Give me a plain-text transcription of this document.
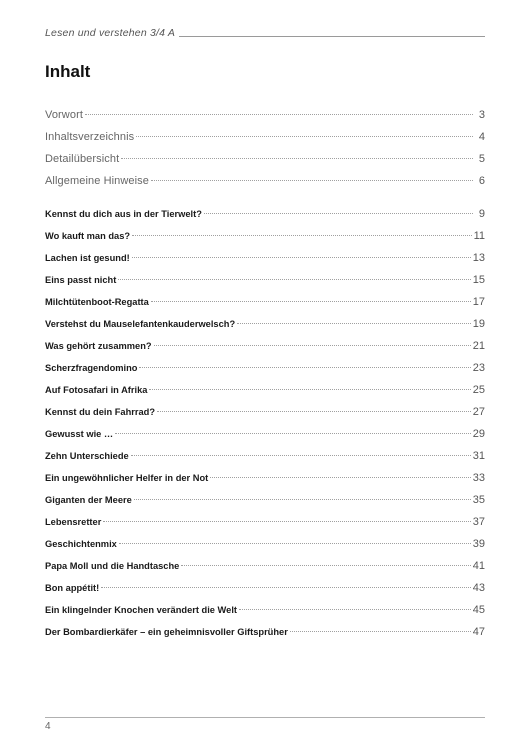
Lesen und verstehen 3/4 A
Inhalt
Vorwort	3
Inhaltsverzeichnis	4
Detailübersicht	5
Allgemeine Hinweise	6
Kennst du dich aus in der Tierwelt?	9
Wo kauft man das?	11
Lachen ist gesund!	13
Eins passt nicht	15
Milchtütenboot-Regatta	17
Verstehst du Mauselefantenkauderwelsch?	19
Was gehört zusammen?	21
Scherzfragendomino	23
Auf Fotosafari in Afrika	25
Kennst du dein Fahrrad?	27
Gewusst wie …	29
Zehn Unterschiede	31
Ein ungewöhnlicher Helfer in der Not	33
Giganten der Meere	35
Lebensretter	37
Geschichtenmix	39
Papa Moll und die Handtasche	41
Bon appétit!	43
Ein klingelnder Knochen verändert die Welt	45
Der Bombardierkäfer – ein geheimnisvoller Giftsprüher	47
4
